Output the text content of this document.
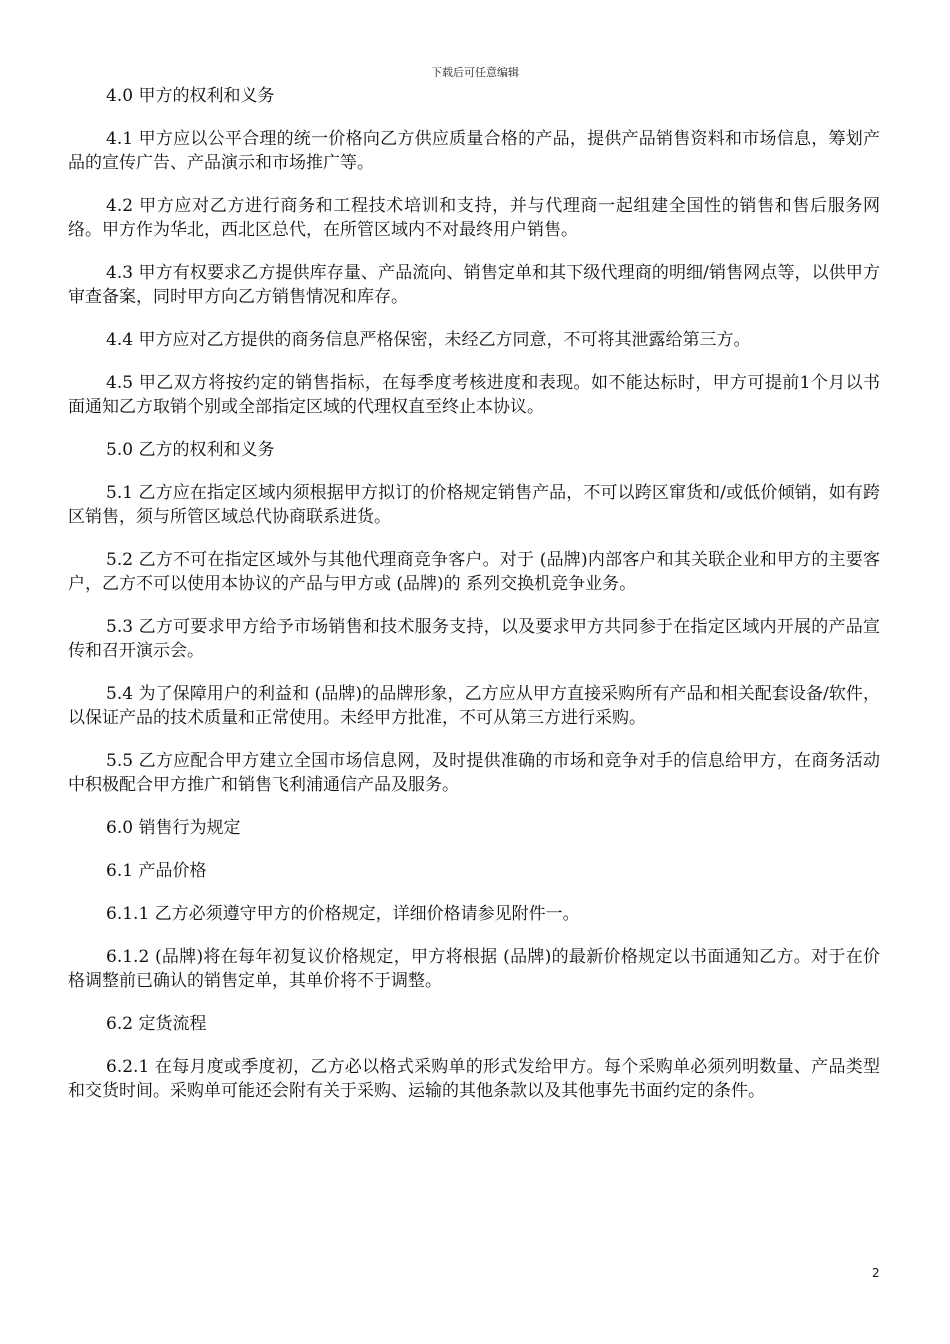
下载后可任意编辑

4.0 甲方的权利和义务

4.1 甲方应以公平合理的统一价格向乙方供应质量合格的产品，提供产品销售资料和市场信息，筹划产品的宣传广告、产品演示和市场推广等。

4.2 甲方应对乙方进行商务和工程技术培训和支持，并与代理商一起组建全国性的销售和售后服务网络。甲方作为华北，西北区总代，在所管区域内不对最终用户销售。

4.3 甲方有权要求乙方提供库存量、产品流向、销售定单和其下级代理商的明细/销售网点等，以供甲方审查备案，同时甲方向乙方销售情况和库存。

4.4 甲方应对乙方提供的商务信息严格保密，未经乙方同意，不可将其泄露给第三方。

4.5 甲乙双方将按约定的销售指标，在每季度考核进度和表现。如不能达标时，甲方可提前1个月以书面通知乙方取销个别或全部指定区域的代理权直至终止本协议。

5.0 乙方的权利和义务

5.1 乙方应在指定区域内须根据甲方拟订的价格规定销售产品，不可以跨区窜货和/或低价倾销，如有跨区销售，须与所管区域总代协商联系进货。

5.2 乙方不可在指定区域外与其他代理商竞争客户。对于 (品牌)内部客户和其关联企业和甲方的主要客户，乙方不可以使用本协议的产品与甲方或 (品牌)的 系列交换机竞争业务。

5.3 乙方可要求甲方给予市场销售和技术服务支持，以及要求甲方共同参于在指定区域内开展的产品宣传和召开演示会。

5.4 为了保障用户的利益和 (品牌)的品牌形象，乙方应从甲方直接采购所有产品和相关配套设备/软件，以保证产品的技术质量和正常使用。未经甲方批准，不可从第三方进行采购。

5.5 乙方应配合甲方建立全国市场信息网，及时提供准确的市场和竞争对手的信息给甲方，在商务活动中积极配合甲方推广和销售飞利浦通信产品及服务。

6.0 销售行为规定

6.1 产品价格

6.1.1 乙方必须遵守甲方的价格规定，详细价格请参见附件一。

6.1.2 (品牌)将在每年初复议价格规定，甲方将根据 (品牌)的最新价格规定以书面通知乙方。对于在价格调整前已确认的销售定单，其单价将不于调整。

6.2 定货流程

6.2.1 在每月度或季度初，乙方必以格式采购单的形式发给甲方。每个采购单必须列明数量、产品类型和交货时间。采购单可能还会附有关于采购、运输的其他条款以及其他事先书面约定的条件。

2
